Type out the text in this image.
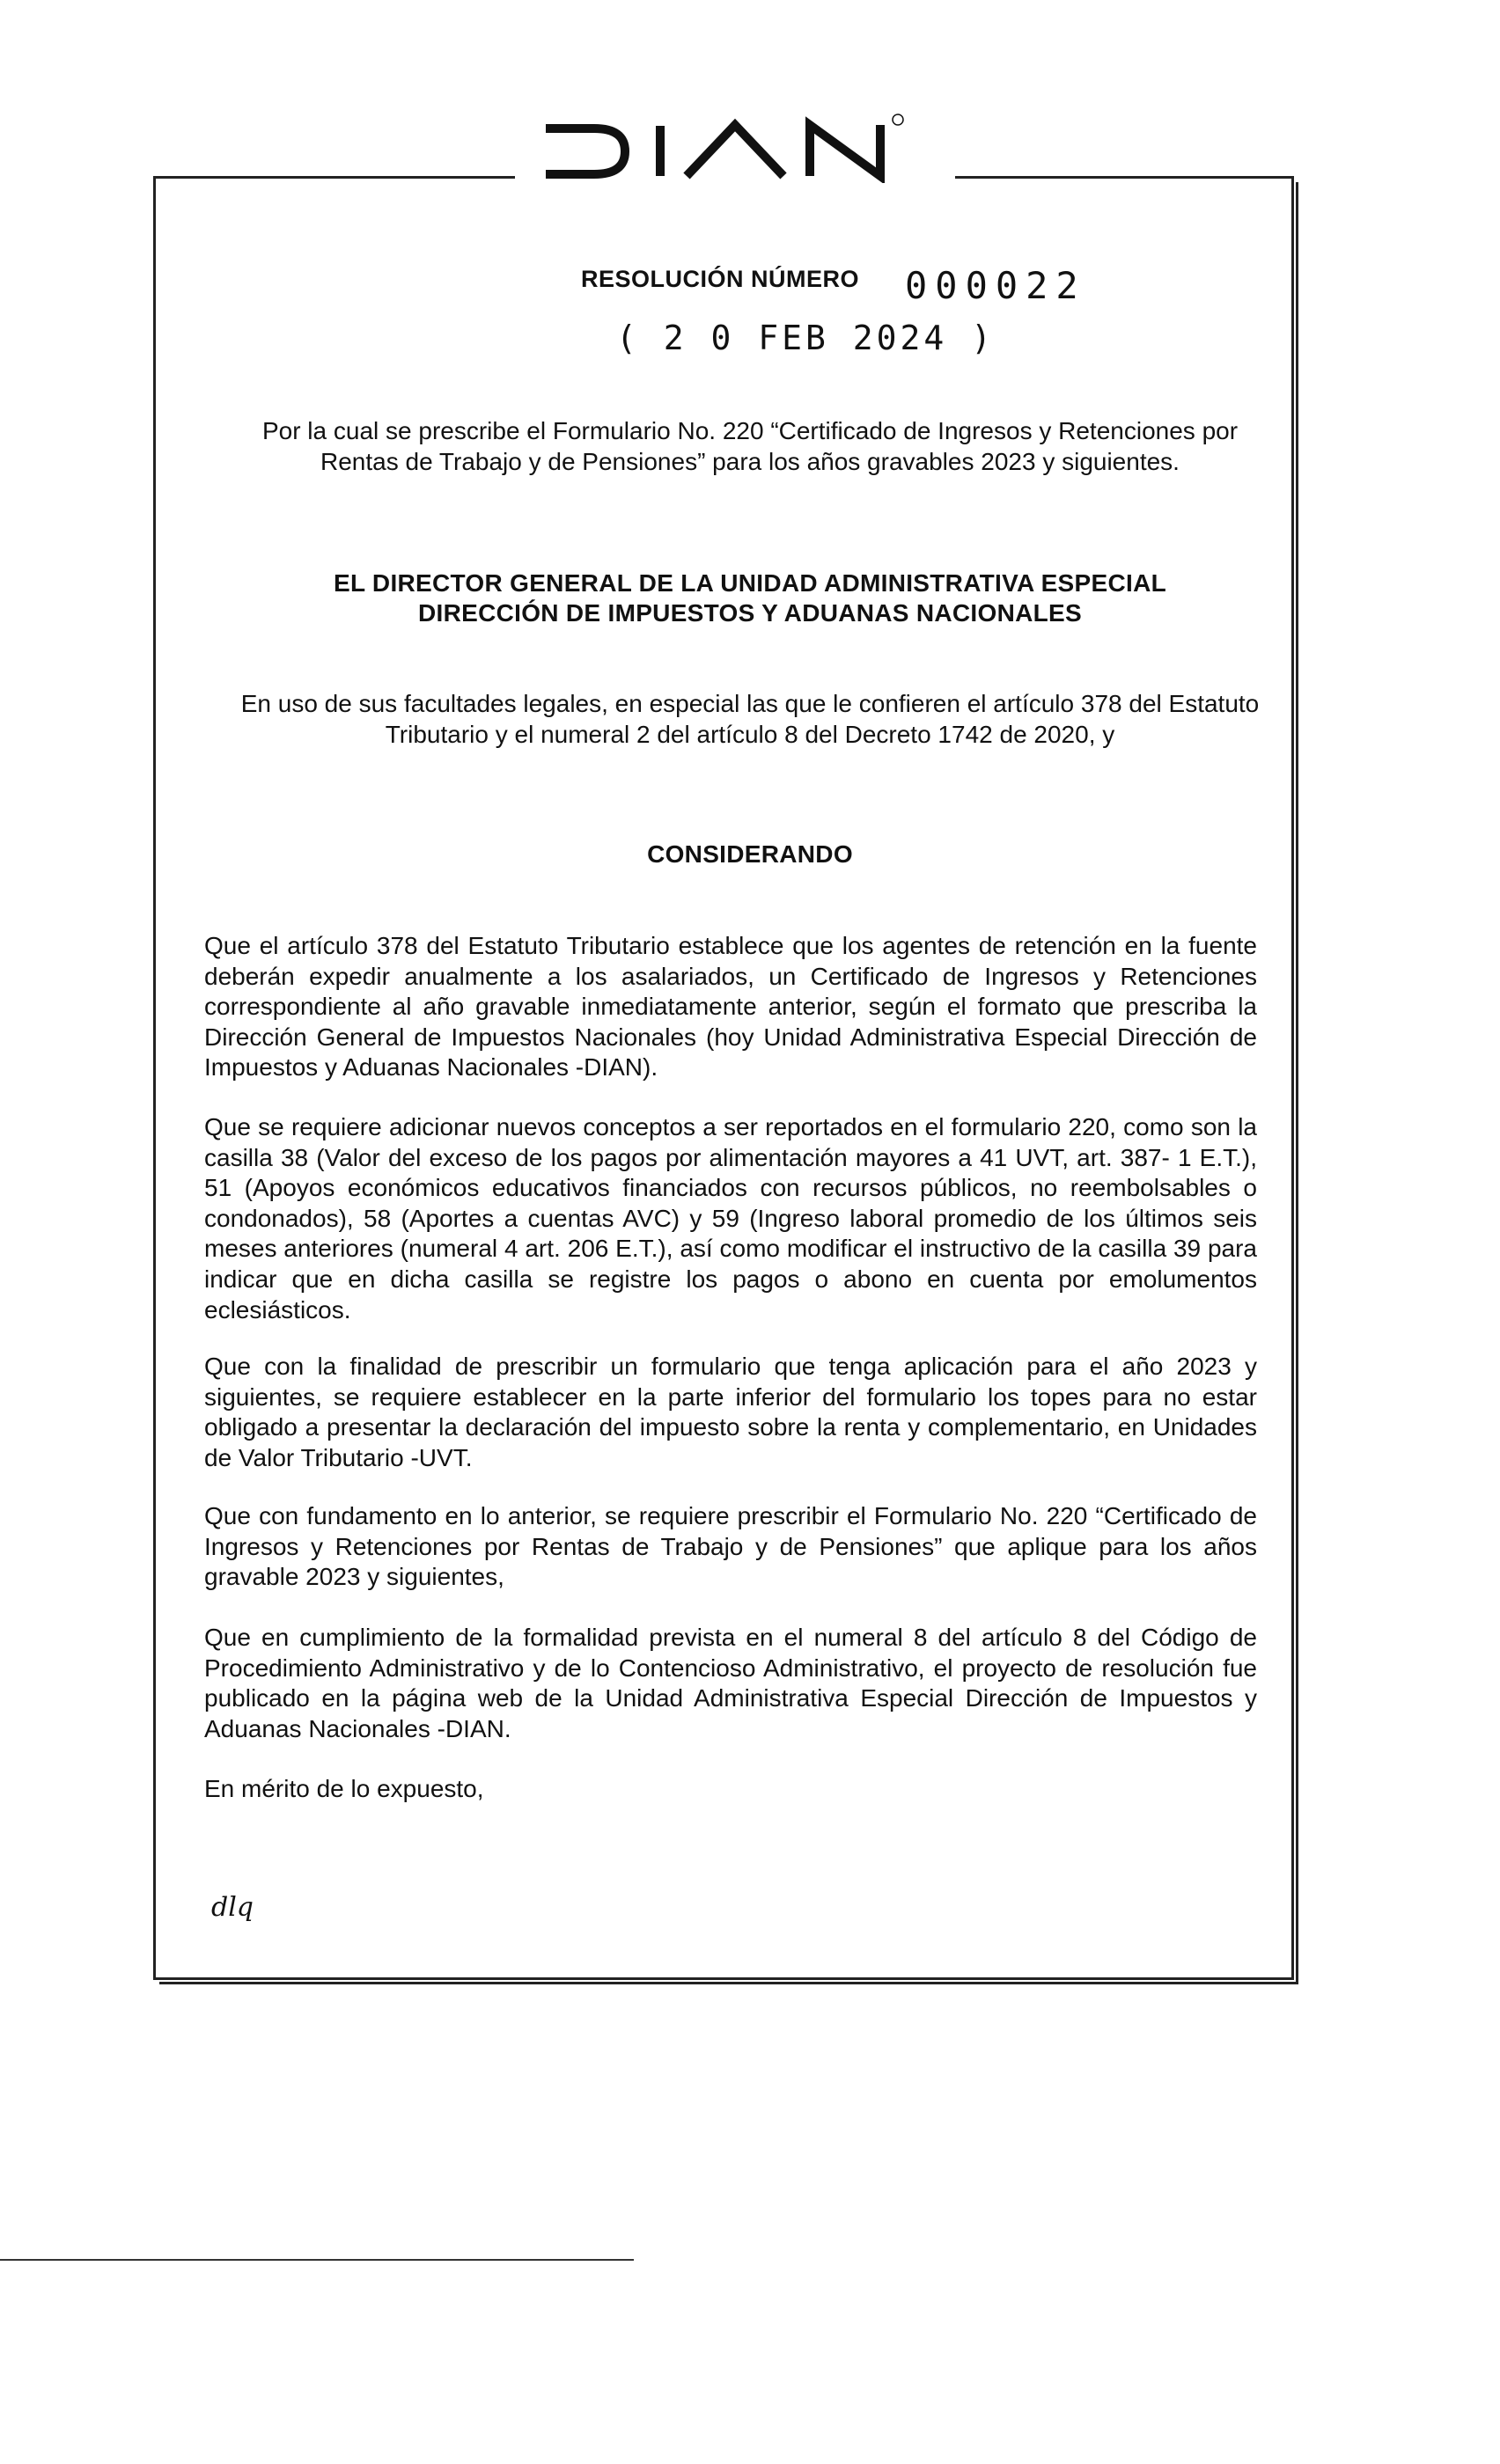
RESOLUCIÓN NÚMERO 000022
( 2 0 FEB 2024 )
Por la cual se prescribe el Formulario No. 220 “Certificado de Ingresos y Retenciones por Rentas de Trabajo y de Pensiones” para los años gravables 2023 y siguientes.
EL DIRECTOR GENERAL DE LA UNIDAD ADMINISTRATIVA ESPECIAL
DIRECCIÓN DE IMPUESTOS Y ADUANAS NACIONALES
En uso de sus facultades legales, en especial las que le confieren el artículo 378 del Estatuto Tributario y el numeral 2 del artículo 8 del Decreto 1742 de 2020, y
CONSIDERANDO
Que el artículo 378 del Estatuto Tributario establece que los agentes de retención en la fuente deberán expedir anualmente a los asalariados, un Certificado de Ingresos y Retenciones correspondiente al año gravable inmediatamente anterior, según el formato que prescriba la Dirección General de Impuestos Nacionales (hoy Unidad Administrativa Especial Dirección de Impuestos y Aduanas Nacionales -DIAN).
Que se requiere adicionar nuevos conceptos a ser reportados en el formulario 220, como son la casilla 38 (Valor del exceso de los pagos por alimentación mayores a 41 UVT, art. 387- 1 E.T.), 51 (Apoyos económicos educativos financiados con recursos públicos, no reembolsables o condonados), 58 (Aportes a cuentas AVC) y 59 (Ingreso laboral promedio de los últimos seis meses anteriores (numeral 4 art. 206 E.T.), así como modificar el instructivo de la casilla 39 para indicar que en dicha casilla se registre los pagos o abono en cuenta por emolumentos eclesiásticos.
Que con la finalidad de prescribir un formulario que tenga aplicación para el año 2023 y siguientes, se requiere establecer en la parte inferior del formulario los topes para no estar obligado a presentar la declaración del impuesto sobre la renta y complementario, en Unidades de Valor Tributario -UVT.
Que con fundamento en lo anterior, se requiere prescribir el Formulario No. 220 “Certificado de Ingresos y Retenciones por Rentas de Trabajo y de Pensiones” que aplique para los años gravable 2023 y siguientes,
Que en cumplimiento de la formalidad prevista en el numeral 8 del artículo 8 del Código de Procedimiento Administrativo y de lo Contencioso Administrativo, el proyecto de resolución fue publicado en la página web de la Unidad Administrativa Especial Dirección de Impuestos y Aduanas Nacionales -DIAN.
En mérito de lo expuesto,
dlq
